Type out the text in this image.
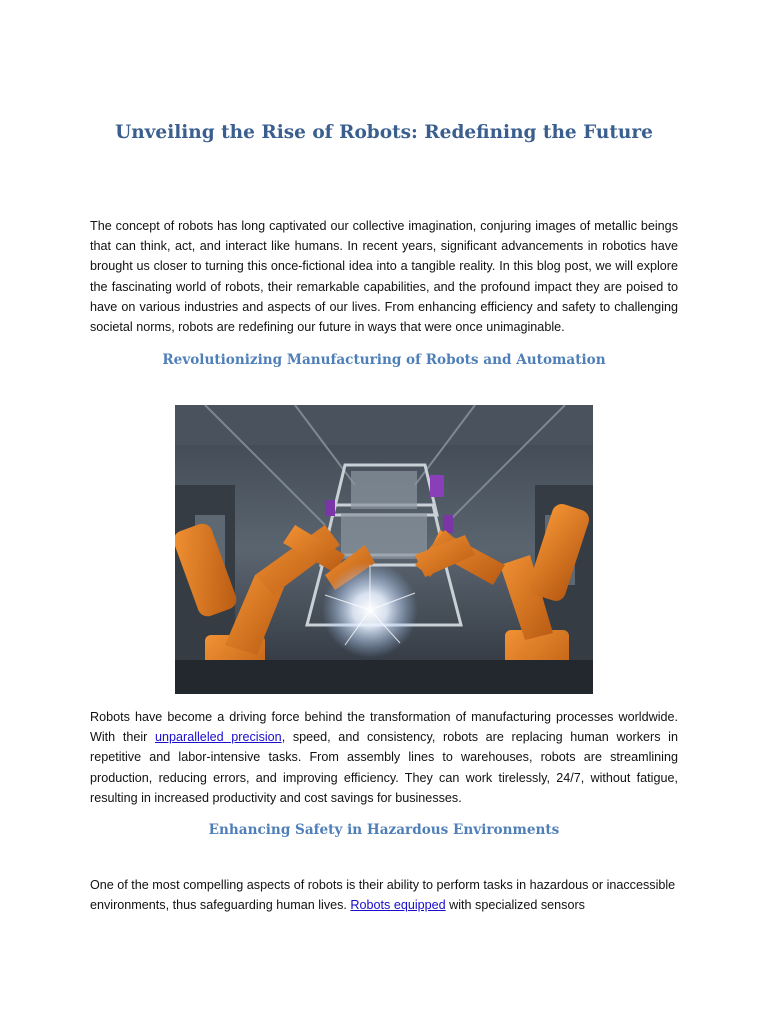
Unveiling the Rise of Robots: Redefining the Future

The concept of robots has long captivated our collective imagination, conjuring images of metallic beings that can think, act, and interact like humans. In recent years, significant advancements in robotics have brought us closer to turning this once-fictional idea into a tangible reality. In this blog post, we will explore the fascinating world of robots, their remarkable capabilities, and the profound impact they are poised to have on various industries and aspects of our lives. From enhancing efficiency and safety to challenging societal norms, robots are redefining our future in ways that were once unimaginable.

Revolutionizing Manufacturing of Robots and Automation

Robots have become a driving force behind the transformation of manufacturing processes worldwide. With their unparalleled precision, speed, and consistency, robots are replacing human workers in repetitive and labor-intensive tasks. From assembly lines to warehouses, robots are streamlining production, reducing errors, and improving efficiency. They can work tirelessly, 24/7, without fatigue, resulting in increased productivity and cost savings for businesses.

Enhancing Safety in Hazardous Environments

One of the most compelling aspects of robots is their ability to perform tasks in hazardous or inaccessible environments, thus safeguarding human lives. Robots equipped with specialized sensors
